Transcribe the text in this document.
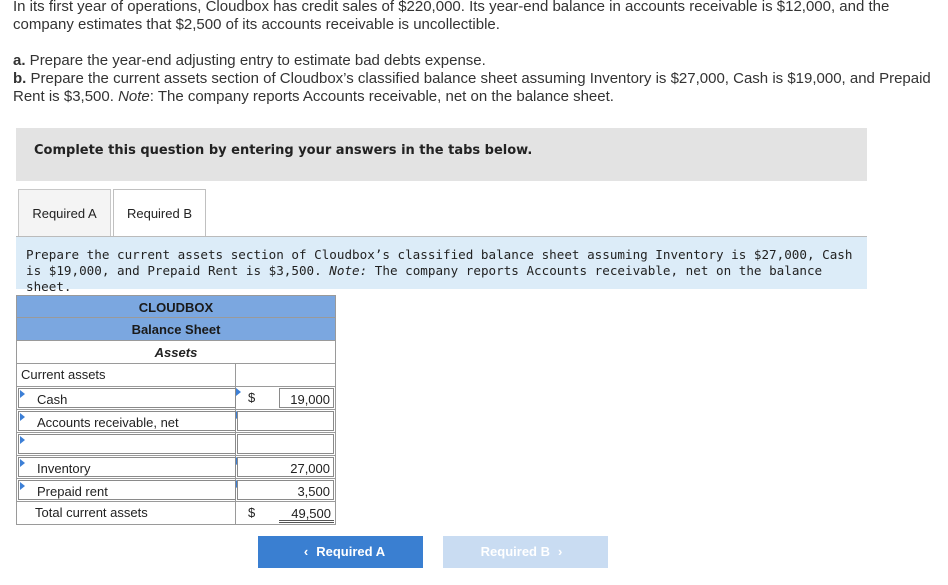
In its first year of operations, Cloudbox has credit sales of $220,000. Its year-end balance in accounts receivable is $12,000, and the company estimates that $2,500 of its accounts receivable is uncollectible.

a. Prepare the year-end adjusting entry to estimate bad debts expense.

b. Prepare the current assets section of Cloudbox’s classified balance sheet assuming Inventory is $27,000, Cash is $19,000, and Prepaid Rent is $3,500. Note: The company reports Accounts receivable, net on the balance sheet.

Complete this question by entering your answers in the tabs below.
Required A	Required B
Prepare the current assets section of Cloudbox’s classified balance sheet assuming Inventory is $27,000, Cash is $19,000, and Prepaid Rent is $3,500. Note: The company reports Accounts receivable, net on the balance sheet.
CLOUDBOX
Balance Sheet
Assets
Current assets
Cash	$	19,000
Accounts receivable, net
Inventory	27,000
Prepaid rent	3,500
Total current assets	$	49,500
‹ Required A	Required B ›
